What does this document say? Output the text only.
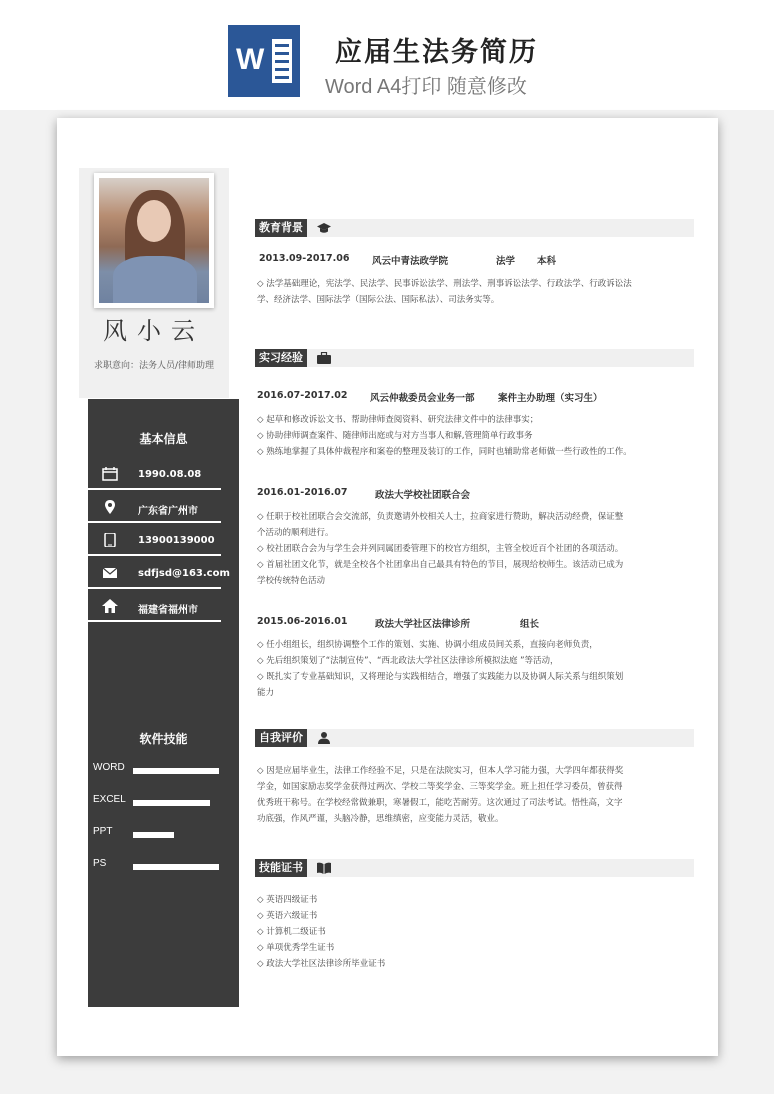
W	应届生法务简历
Word A4打印 随意修改
风小云
求职意向：法务人员/律师助理
基本信息
1990.08.08
广东省广州市
13900139000
sdfjsd@163.com
福建省福州市
软件技能
WORD
EXCEL
PPT
PS
教育背景
2013.09-2017.06 风云中青法政学院	法学 本科
◇ 法学基础理论，宪法学、民法学、民事诉讼法学、刑法学、刑事诉讼法学、行政法学、行政诉讼法
学、经济法学、国际法学（国际公法、国际私法）、司法务实等。
实习经验
2016.07-2017.02 风云仲裁委员会业务一部 案件主办助理（实习生）
◇ 起草和修改诉讼文书、帮助律师查阅资料、研究法律文件中的法律事实；
◇ 协助律师调查案件、随律师出庭或与对方当事人和解,管理简单行政事务
◇ 熟练地掌握了具体仲裁程序和案卷的整理及装订的工作，同时也辅助常老师做一些行政性的工作。
2016.01-2016.07	政法大学校社团联合会
◇ 任职于校社团联合会交流部，负责邀请外校相关人士，拉商家进行赞助，解决活动经费，保证整
个活动的顺利进行。
◇ 校社团联合会为与学生会并列同属团委管理下的校官方组织，主管全校近百个社团的各项活动。
◇ 首届社团文化节，就是全校各个社团拿出自己最具有特色的节目，展现给校师生。该活动已成为
学校传统特色活动
2015.06-2016.01	政法大学社区法律诊所	组长
◇ 任小组组长，组织协调整个工作的策划、实施、协调小组成员间关系，直接向老师负责，
◇ 先后组织策划了“法制宣传”、“西北政法大学社区法律诊所模拟法庭 ”等活动，
◇ 既扎实了专业基础知识，又将理论与实践相结合，增强了实践能力以及协调人际关系与组织策划
能力
自我评价
◇ 因是应届毕业生，法律工作经验不足，只是在法院实习，但本人学习能力强，大学四年都获得奖
学金，如国家励志奖学金获得过两次、学校二等奖学金、三等奖学金。班上担任学习委员，曾获得
优秀班干称号。在学校经常做兼职，寒暑假工，能吃苦耐劳。这次通过了司法考试。悟性高，文字
功底强，作风严谨，头脑冷静，思维缜密，应变能力灵活，敬业。
技能证书
◇ 英语四级证书
◇ 英语六级证书
◇ 计算机二级证书
◇ 单项优秀学生证书
◇ 政法大学社区法律诊所毕业证书
